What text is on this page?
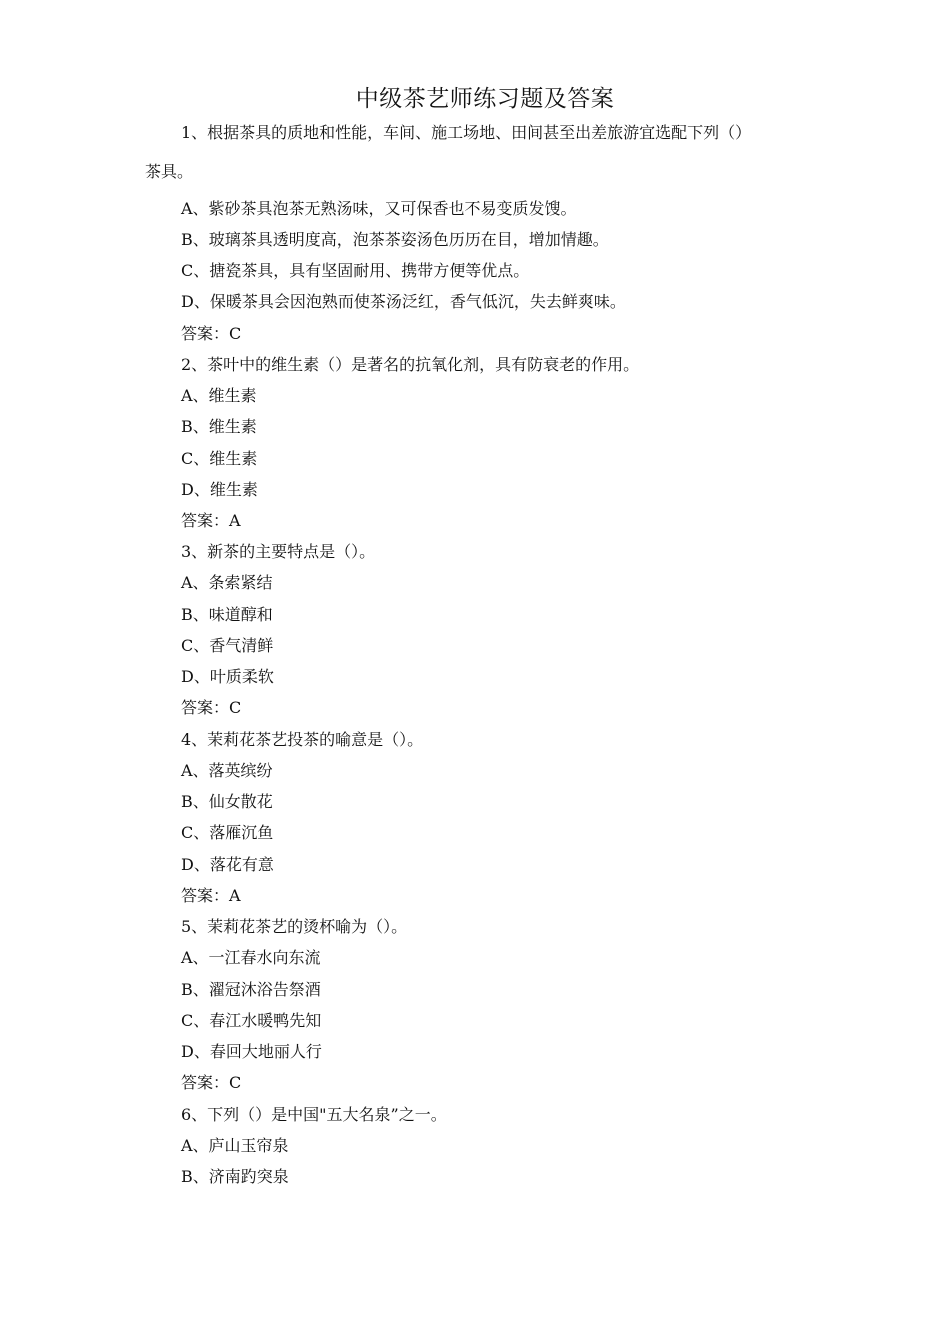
中级茶艺师练习题及答案
1、根据茶具的质地和性能，车间、施工场地、田间甚至出差旅游宜选配下列（）
茶具。
A、紫砂茶具泡茶无熟汤味，又可保香也不易变质发馊。
B、玻璃茶具透明度高，泡茶茶姿汤色历历在目，增加情趣。
C、搪瓷茶具，具有坚固耐用、携带方便等优点。
D、保暖茶具会因泡熟而使茶汤泛红，香气低沉，失去鲜爽味。
答案：C
2、茶叶中的维生素（）是著名的抗氧化剂，具有防衰老的作用。
A、维生素
B、维生素
C、维生素
D、维生素
答案：A
3、新茶的主要特点是（）。
A、条索紧结
B、味道醇和
C、香气清鲜
D、叶质柔软
答案：C
4、茉莉花茶艺投茶的喻意是（）。
A、落英缤纷
B、仙女散花
C、落雁沉鱼
D、落花有意
答案：A
5、茉莉花茶艺的烫杯喻为（）。
A、一江春水向东流
B、濯冠沐浴告祭酒
C、春江水暖鸭先知
D、春回大地丽人行
答案：C
6、下列（）是中国"五大名泉”之一。
A、庐山玉帘泉
B、济南趵突泉
